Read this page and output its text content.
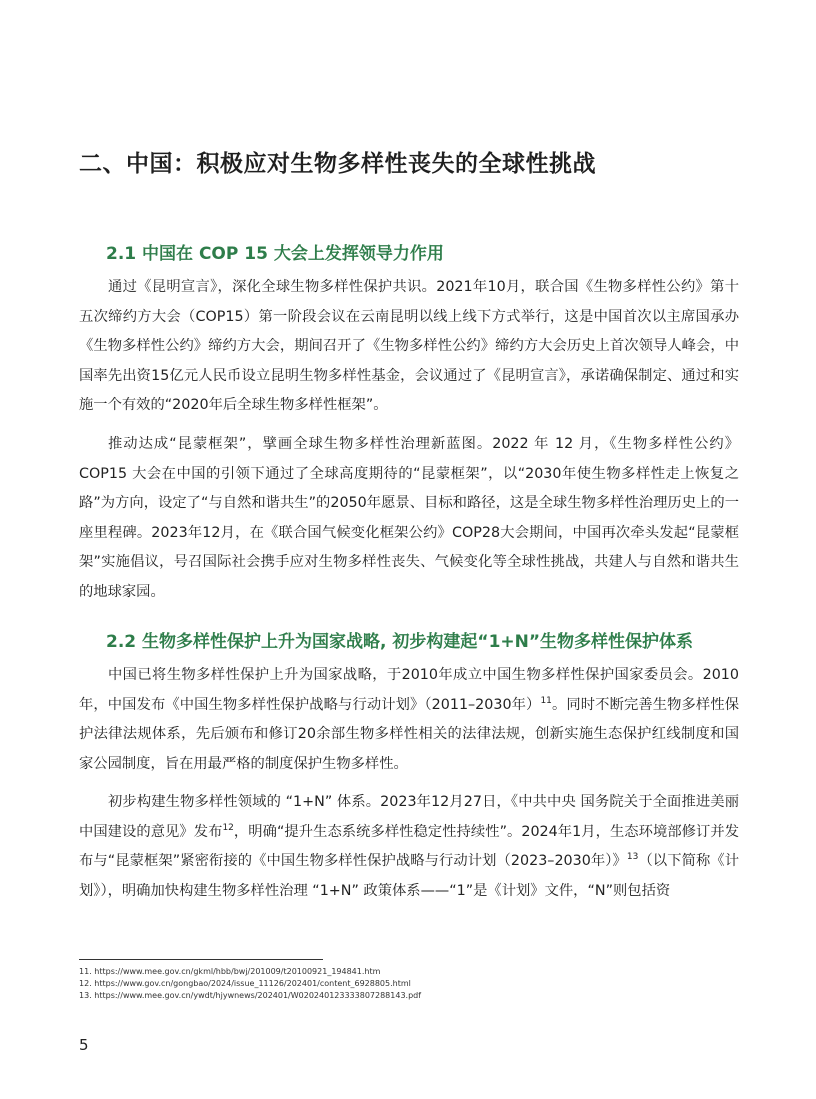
二、中国：积极应对生物多样性丧失的全球性挑战
2.1 中国在 COP 15 大会上发挥领导力作用

通过《昆明宣言》，深化全球生物多样性保护共识。2021年10月，联合国《生物多样性公约》第十五次缔约方大会（COP15）第一阶段会议在云南昆明以线上线下方式举行，这是中国首次以主席国承办《生物多样性公约》缔约方大会，期间召开了《生物多样性公约》缔约方大会历史上首次领导人峰会，中国率先出资15亿元人民币设立昆明生物多样性基金，会议通过了《昆明宣言》，承诺确保制定、通过和实施一个有效的“2020年后全球生物多样性框架”。

推动达成“昆蒙框架”，擘画全球生物多样性治理新蓝图。2022 年 12 月，《生物多样性公约》COP15 大会在中国的引领下通过了全球高度期待的“昆蒙框架”，以“2030年使生物多样性走上恢复之路”为方向，设定了“与自然和谐共生”的2050年愿景、目标和路径，这是全球生物多样性治理历史上的一座里程碑。2023年12月，在《联合国气候变化框架公约》COP28大会期间，中国再次牵头发起“昆蒙框架”实施倡议，号召国际社会携手应对生物多样性丧失、气候变化等全球性挑战，共建人与自然和谐共生的地球家园。

2.2 生物多样性保护上升为国家战略, 初步构建起“1+N”生物多样性保护体系

中国已将生物多样性保护上升为国家战略，于2010年成立中国生物多样性保护国家委员会。2010年，中国发布《中国生物多样性保护战略与行动计划》（2011–2030年）$^{11}$。同时不断完善生物多样性保护法律法规体系，先后颁布和修订20余部生物多样性相关的法律法规，创新实施生态保护红线制度和国家公园制度，旨在用最严格的制度保护生物多样性。

初步构建生物多样性领域的 “1+N” 体系。2023年12月27日，《中共中央 国务院关于全面推进美丽中国建设的意见》发布$^{12}$，明确“提升生态系统多样性稳定性持续性”。2024年1月，生态环境部修订并发布与“昆蒙框架”紧密衔接的《中国生物多样性保护战略与行动计划（2023–2030年）》$^{13}$（以下简称《计划》），明确加快构建生物多样性治理 “1+N” 政策体系——“1”是《计划》文件，“N”则包括资

11. https://www.mee.gov.cn/gkml/hbb/bwj/201009/t20100921_194841.htm
12. https://www.gov.cn/gongbao/2024/issue_11126/202401/content_6928805.html
13. https://www.mee.gov.cn/ywdt/hjywnews/202401/W020240123333807288143.pdf
5
